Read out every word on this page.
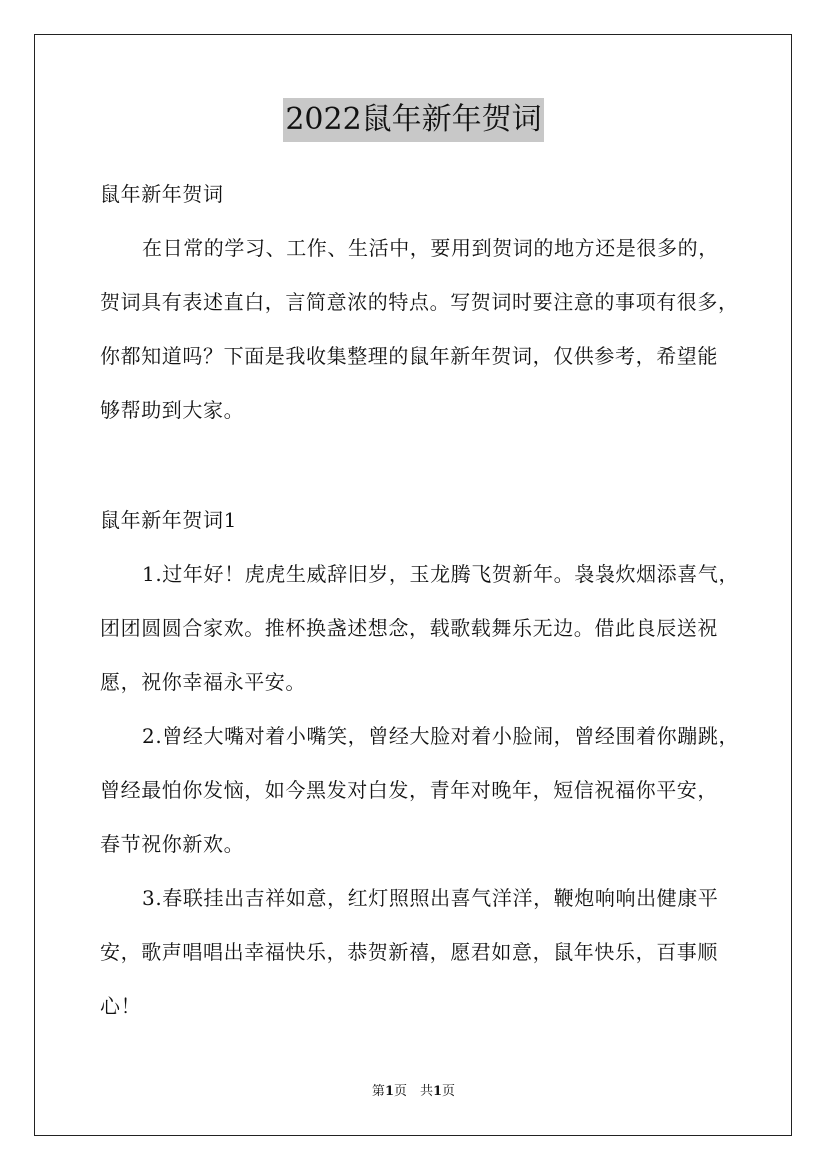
2022鼠年新年贺词
鼠年新年贺词
在日常的学习、工作、生活中，要用到贺词的地方还是很多的，
贺词具有表述直白，言简意浓的特点。写贺词时要注意的事项有很多，
你都知道吗？下面是我收集整理的鼠年新年贺词，仅供参考，希望能
够帮助到大家。
鼠年新年贺词1
1.过年好！虎虎生威辞旧岁，玉龙腾飞贺新年。袅袅炊烟添喜气，
团团圆圆合家欢。推杯换盏述想念，载歌载舞乐无边。借此良辰送祝
愿，祝你幸福永平安。
2.曾经大嘴对着小嘴笑，曾经大脸对着小脸闹，曾经围着你蹦跳，
曾经最怕你发恼，如今黑发对白发，青年对晚年，短信祝福你平安，
春节祝你新欢。
3.春联挂出吉祥如意，红灯照照出喜气洋洋，鞭炮响响出健康平
安，歌声唱唱出幸福快乐，恭贺新禧，愿君如意，鼠年快乐，百事顺
心！
第1页　共1页
